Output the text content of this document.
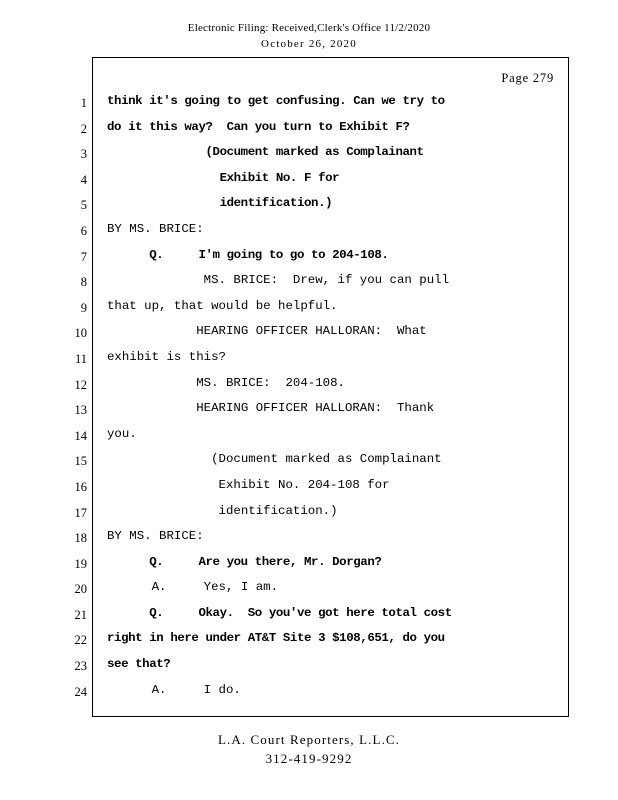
Electronic Filing: Received,Clerk's Office 11/2/2020
October 26, 2020
Page 279
1 think it's going to get confusing. Can we try to
2 do it this way?  Can you turn to Exhibit F?
3 (Document marked as Complainant
4 Exhibit No. F for
5 identification.)
6 BY MS. BRICE:
7 Q.     I'm going to go to 204-108.
8 MS. BRICE:  Drew, if you can pull
9 that up, that would be helpful.
10 HEARING OFFICER HALLORAN:  What
11 exhibit is this?
12 MS. BRICE:  204-108.
13 HEARING OFFICER HALLORAN:  Thank
14 you.
15 (Document marked as Complainant
16 Exhibit No. 204-108 for
17 identification.)
18 BY MS. BRICE:
19 Q.     Are you there, Mr. Dorgan?
20 A.     Yes, I am.
21 Q.     Okay.  So you've got here total cost
22 right in here under AT&T Site 3 $108,651, do you
23 see that?
24 A.     I do.
L.A. Court Reporters, L.L.C.
312-419-9292
